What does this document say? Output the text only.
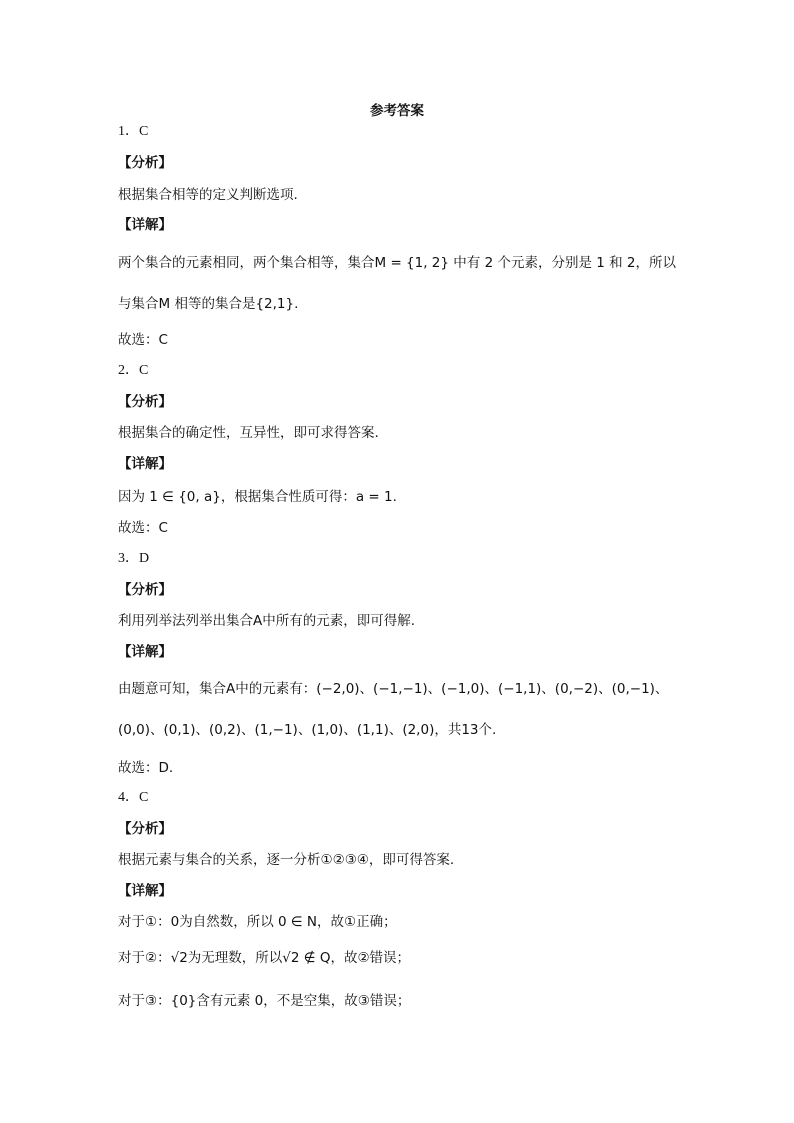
参考答案
1．C
【分析】
根据集合相等的定义判断选项.
【详解】
两个集合的元素相同，两个集合相等，集合M = {1, 2} 中有 2 个元素，分别是 1 和 2，所以
与集合M 相等的集合是{2,1}.
故选：C
2．C
【分析】
根据集合的确定性，互异性，即可求得答案.
【详解】
因为 1 ∈ {0, a}，根据集合性质可得：a = 1.
故选：C
3．D
【分析】
利用列举法列举出集合A中所有的元素，即可得解.
【详解】
由题意可知，集合A中的元素有：(−2,0)、(−1,−1)、(−1,0)、(−1,1)、(0,−2)、(0,−1)、
(0,0)、(0,1)、(0,2)、(1,−1)、(1,0)、(1,1)、(2,0)，共13个.
故选：D.
4．C
【分析】
根据元素与集合的关系，逐一分析①②③④，即可得答案.
【详解】
对于①：0为自然数，所以 0 ∈ N，故①正确；
对于②：√2为无理数，所以√2 ∉ Q，故②错误；
对于③：{0}含有元素 0，不是空集，故③错误；
